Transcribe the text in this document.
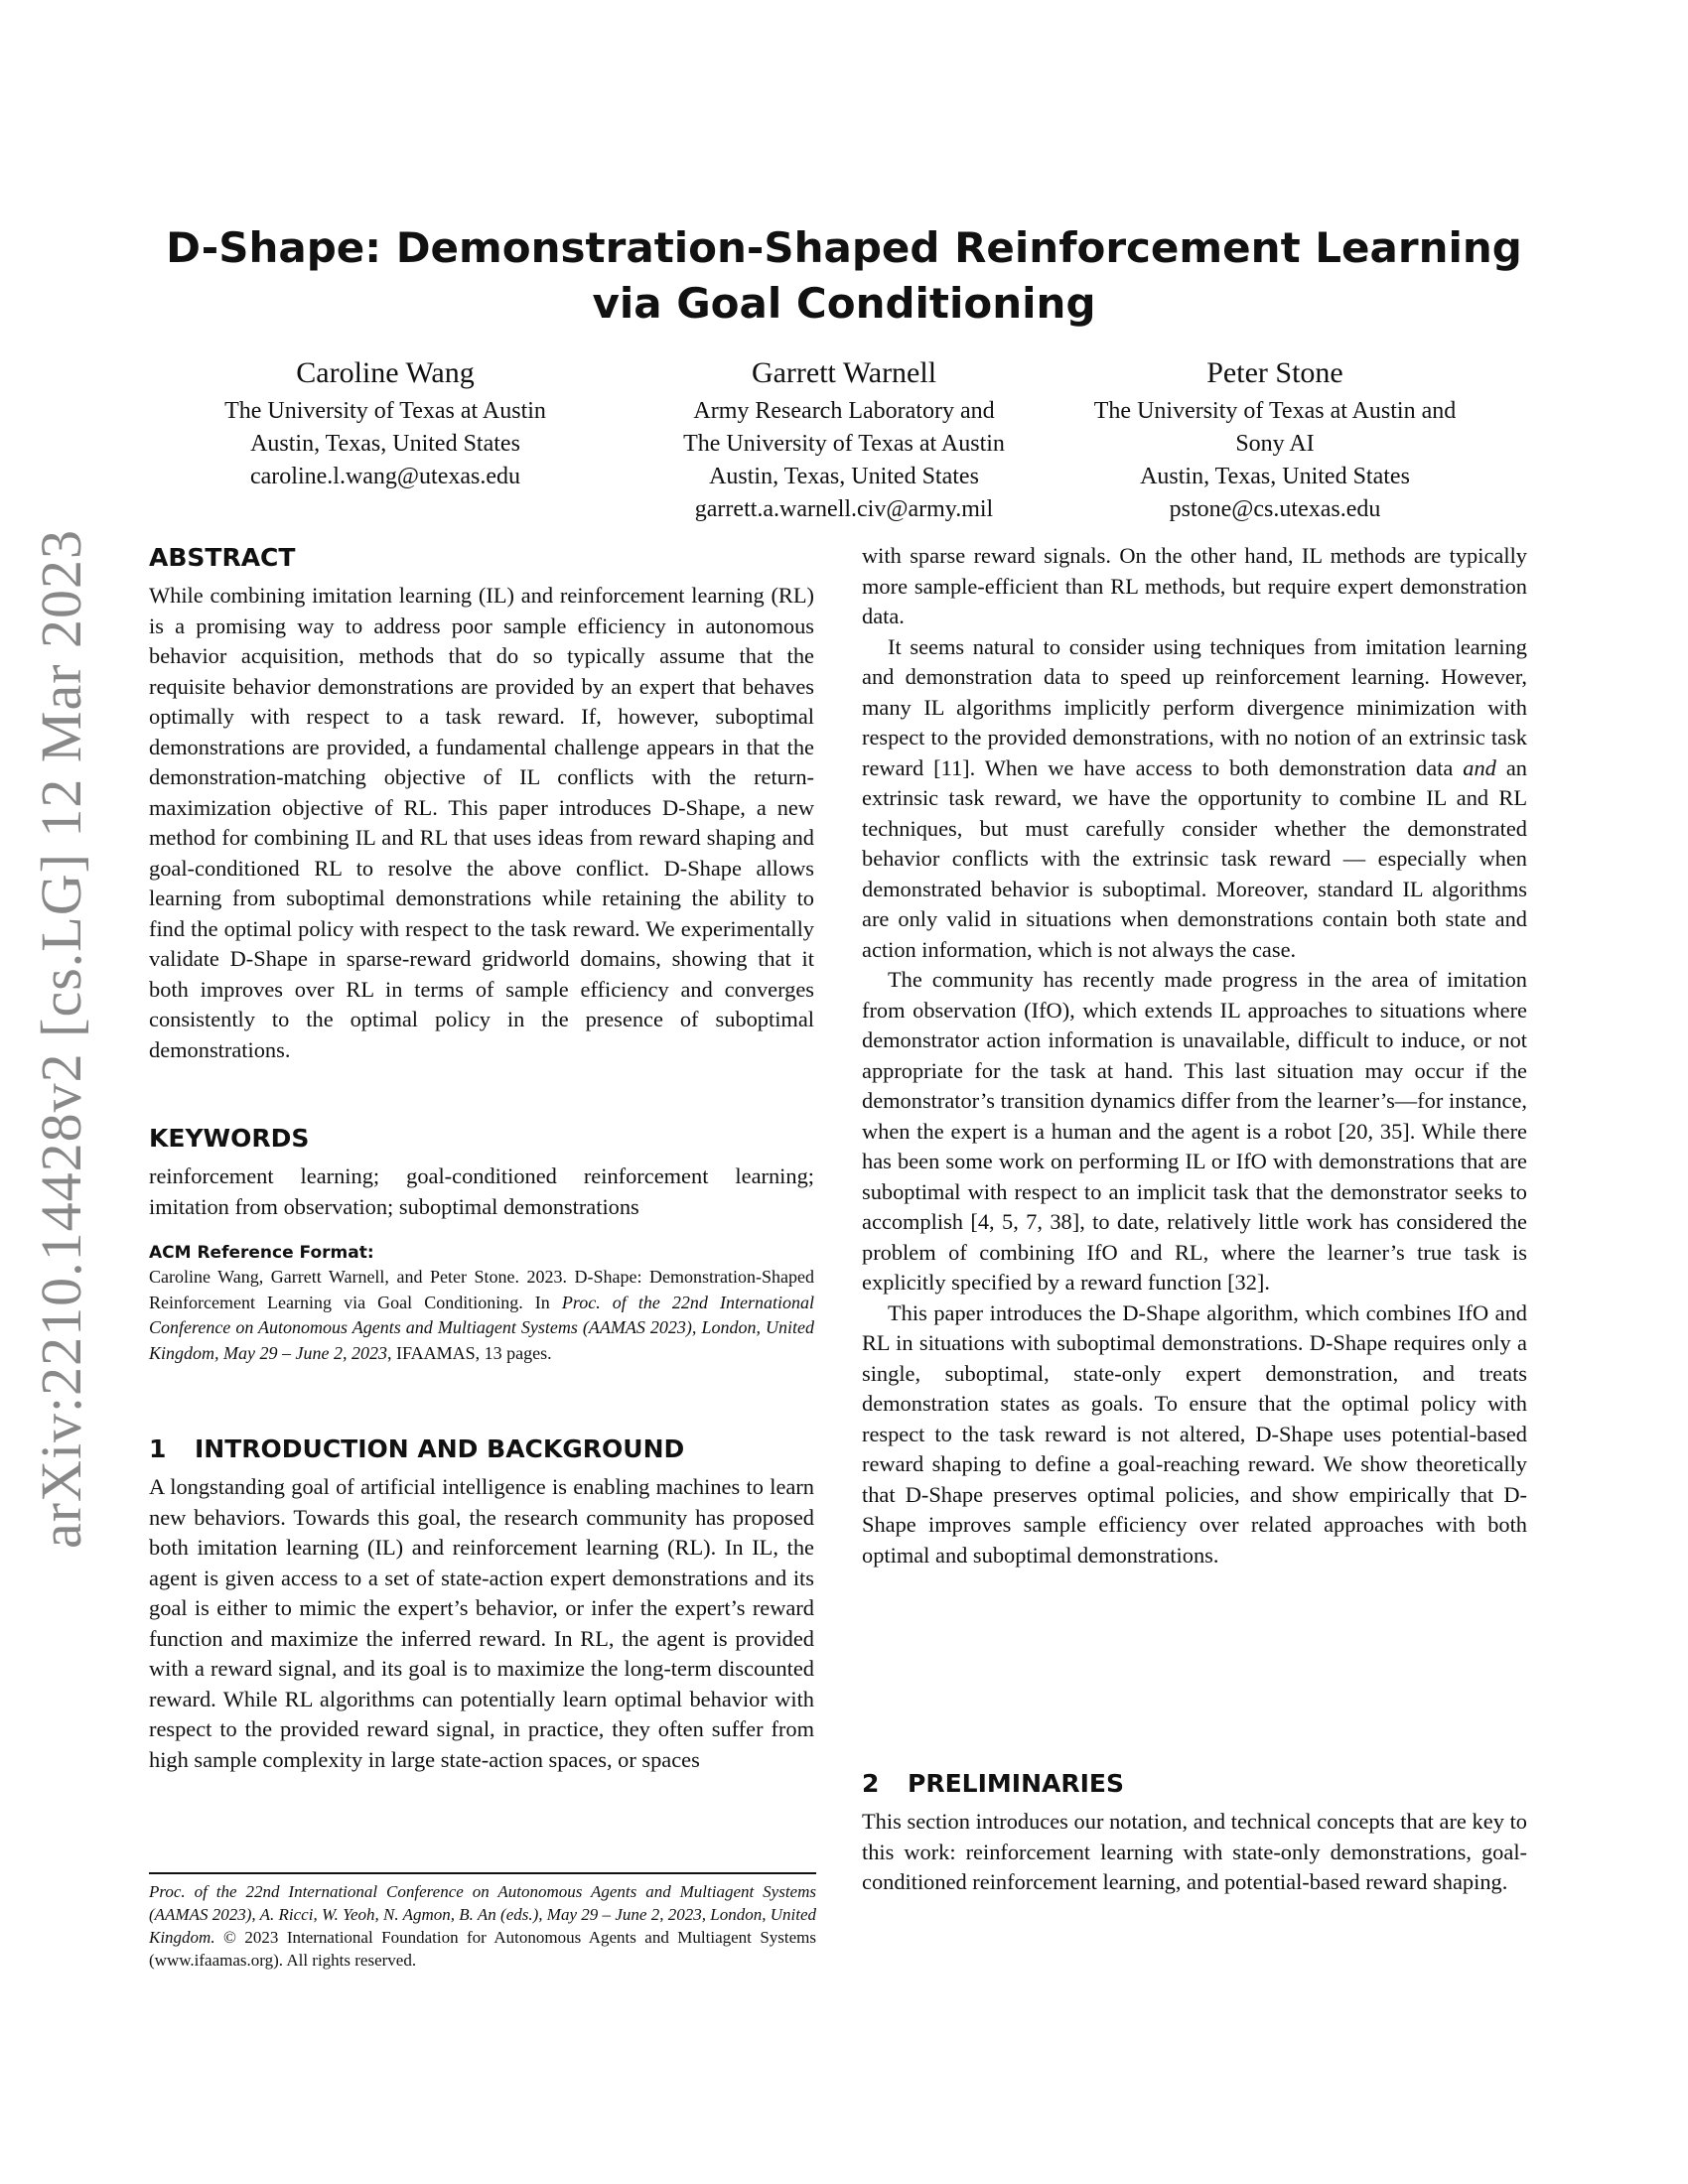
arXiv:2210.14428v2 [cs.LG] 12 Mar 2023
D-Shape: Demonstration-Shaped Reinforcement Learning via Goal Conditioning
Caroline Wang
The University of Texas at Austin
Austin, Texas, United States
caroline.l.wang@utexas.edu
Garrett Warnell
Army Research Laboratory and
The University of Texas at Austin
Austin, Texas, United States
garrett.a.warnell.civ@army.mil
Peter Stone
The University of Texas at Austin and
Sony AI
Austin, Texas, United States
pstone@cs.utexas.edu
ABSTRACT

While combining imitation learning (IL) and reinforcement learning (RL) is a promising way to address poor sample efficiency in autonomous behavior acquisition, methods that do so typically assume that the requisite behavior demonstrations are provided by an expert that behaves optimally with respect to a task reward. If, however, suboptimal demonstrations are provided, a fundamental challenge appears in that the demonstration-matching objective of IL conflicts with the return-maximization objective of RL. This paper introduces D-Shape, a new method for combining IL and RL that uses ideas from reward shaping and goal-conditioned RL to resolve the above conflict. D-Shape allows learning from suboptimal demonstrations while retaining the ability to find the optimal policy with respect to the task reward. We experimentally validate D-Shape in sparse-reward gridworld domains, showing that it both improves over RL in terms of sample efficiency and converges consistently to the optimal policy in the presence of suboptimal demonstrations.

KEYWORDS

reinforcement learning; goal-conditioned reinforcement learning; imitation from observation; suboptimal demonstrations

ACM Reference Format:

Caroline Wang, Garrett Warnell, and Peter Stone. 2023. D-Shape: Demonstration-Shaped Reinforcement Learning via Goal Conditioning. In Proc. of the 22nd International Conference on Autonomous Agents and Multiagent Systems (AAMAS 2023), London, United Kingdom, May 29 – June 2, 2023, IFAAMAS, 13 pages.

1 INTRODUCTION AND BACKGROUND

A longstanding goal of artificial intelligence is enabling machines to learn new behaviors. Towards this goal, the research community has proposed both imitation learning (IL) and reinforcement learning (RL). In IL, the agent is given access to a set of state-action expert demonstrations and its goal is either to mimic the expert’s behavior, or infer the expert’s reward function and maximize the inferred reward. In RL, the agent is provided with a reward signal, and its goal is to maximize the long-term discounted reward. While RL algorithms can potentially learn optimal behavior with respect to the provided reward signal, in practice, they often suffer from high sample complexity in large state-action spaces, or spaces

Proc. of the 22nd International Conference on Autonomous Agents and Multiagent Systems (AAMAS 2023), A. Ricci, W. Yeoh, N. Agmon, B. An (eds.), May 29 – June 2, 2023, London, United Kingdom. © 2023 International Foundation for Autonomous Agents and Multiagent Systems (www.ifaamas.org). All rights reserved.

with sparse reward signals. On the other hand, IL methods are typically more sample-efficient than RL methods, but require expert demonstration data.

It seems natural to consider using techniques from imitation learning and demonstration data to speed up reinforcement learning. However, many IL algorithms implicitly perform divergence minimization with respect to the provided demonstrations, with no notion of an extrinsic task reward [11]. When we have access to both demonstration data and an extrinsic task reward, we have the opportunity to combine IL and RL techniques, but must carefully consider whether the demonstrated behavior conflicts with the extrinsic task reward — especially when demonstrated behavior is suboptimal. Moreover, standard IL algorithms are only valid in situations when demonstrations contain both state and action information, which is not always the case.

The community has recently made progress in the area of imitation from observation (IfO), which extends IL approaches to situations where demonstrator action information is unavailable, difficult to induce, or not appropriate for the task at hand. This last situation may occur if the demonstrator’s transition dynamics differ from the learner’s—for instance, when the expert is a human and the agent is a robot [20, 35]. While there has been some work on performing IL or IfO with demonstrations that are suboptimal with respect to an implicit task that the demonstrator seeks to accomplish [4, 5, 7, 38], to date, relatively little work has considered the problem of combining IfO and RL, where the learner’s true task is explicitly specified by a reward function [32].

This paper introduces the D-Shape algorithm, which combines IfO and RL in situations with suboptimal demonstrations. D-Shape requires only a single, suboptimal, state-only expert demonstration, and treats demonstration states as goals. To ensure that the optimal policy with respect to the task reward is not altered, D-Shape uses potential-based reward shaping to define a goal-reaching reward. We show theoretically that D-Shape preserves optimal policies, and show empirically that D-Shape improves sample efficiency over related approaches with both optimal and suboptimal demonstrations.

2 PRELIMINARIES

This section introduces our notation, and technical concepts that are key to this work: reinforcement learning with state-only demonstrations, goal-conditioned reinforcement learning, and potential-based reward shaping.
